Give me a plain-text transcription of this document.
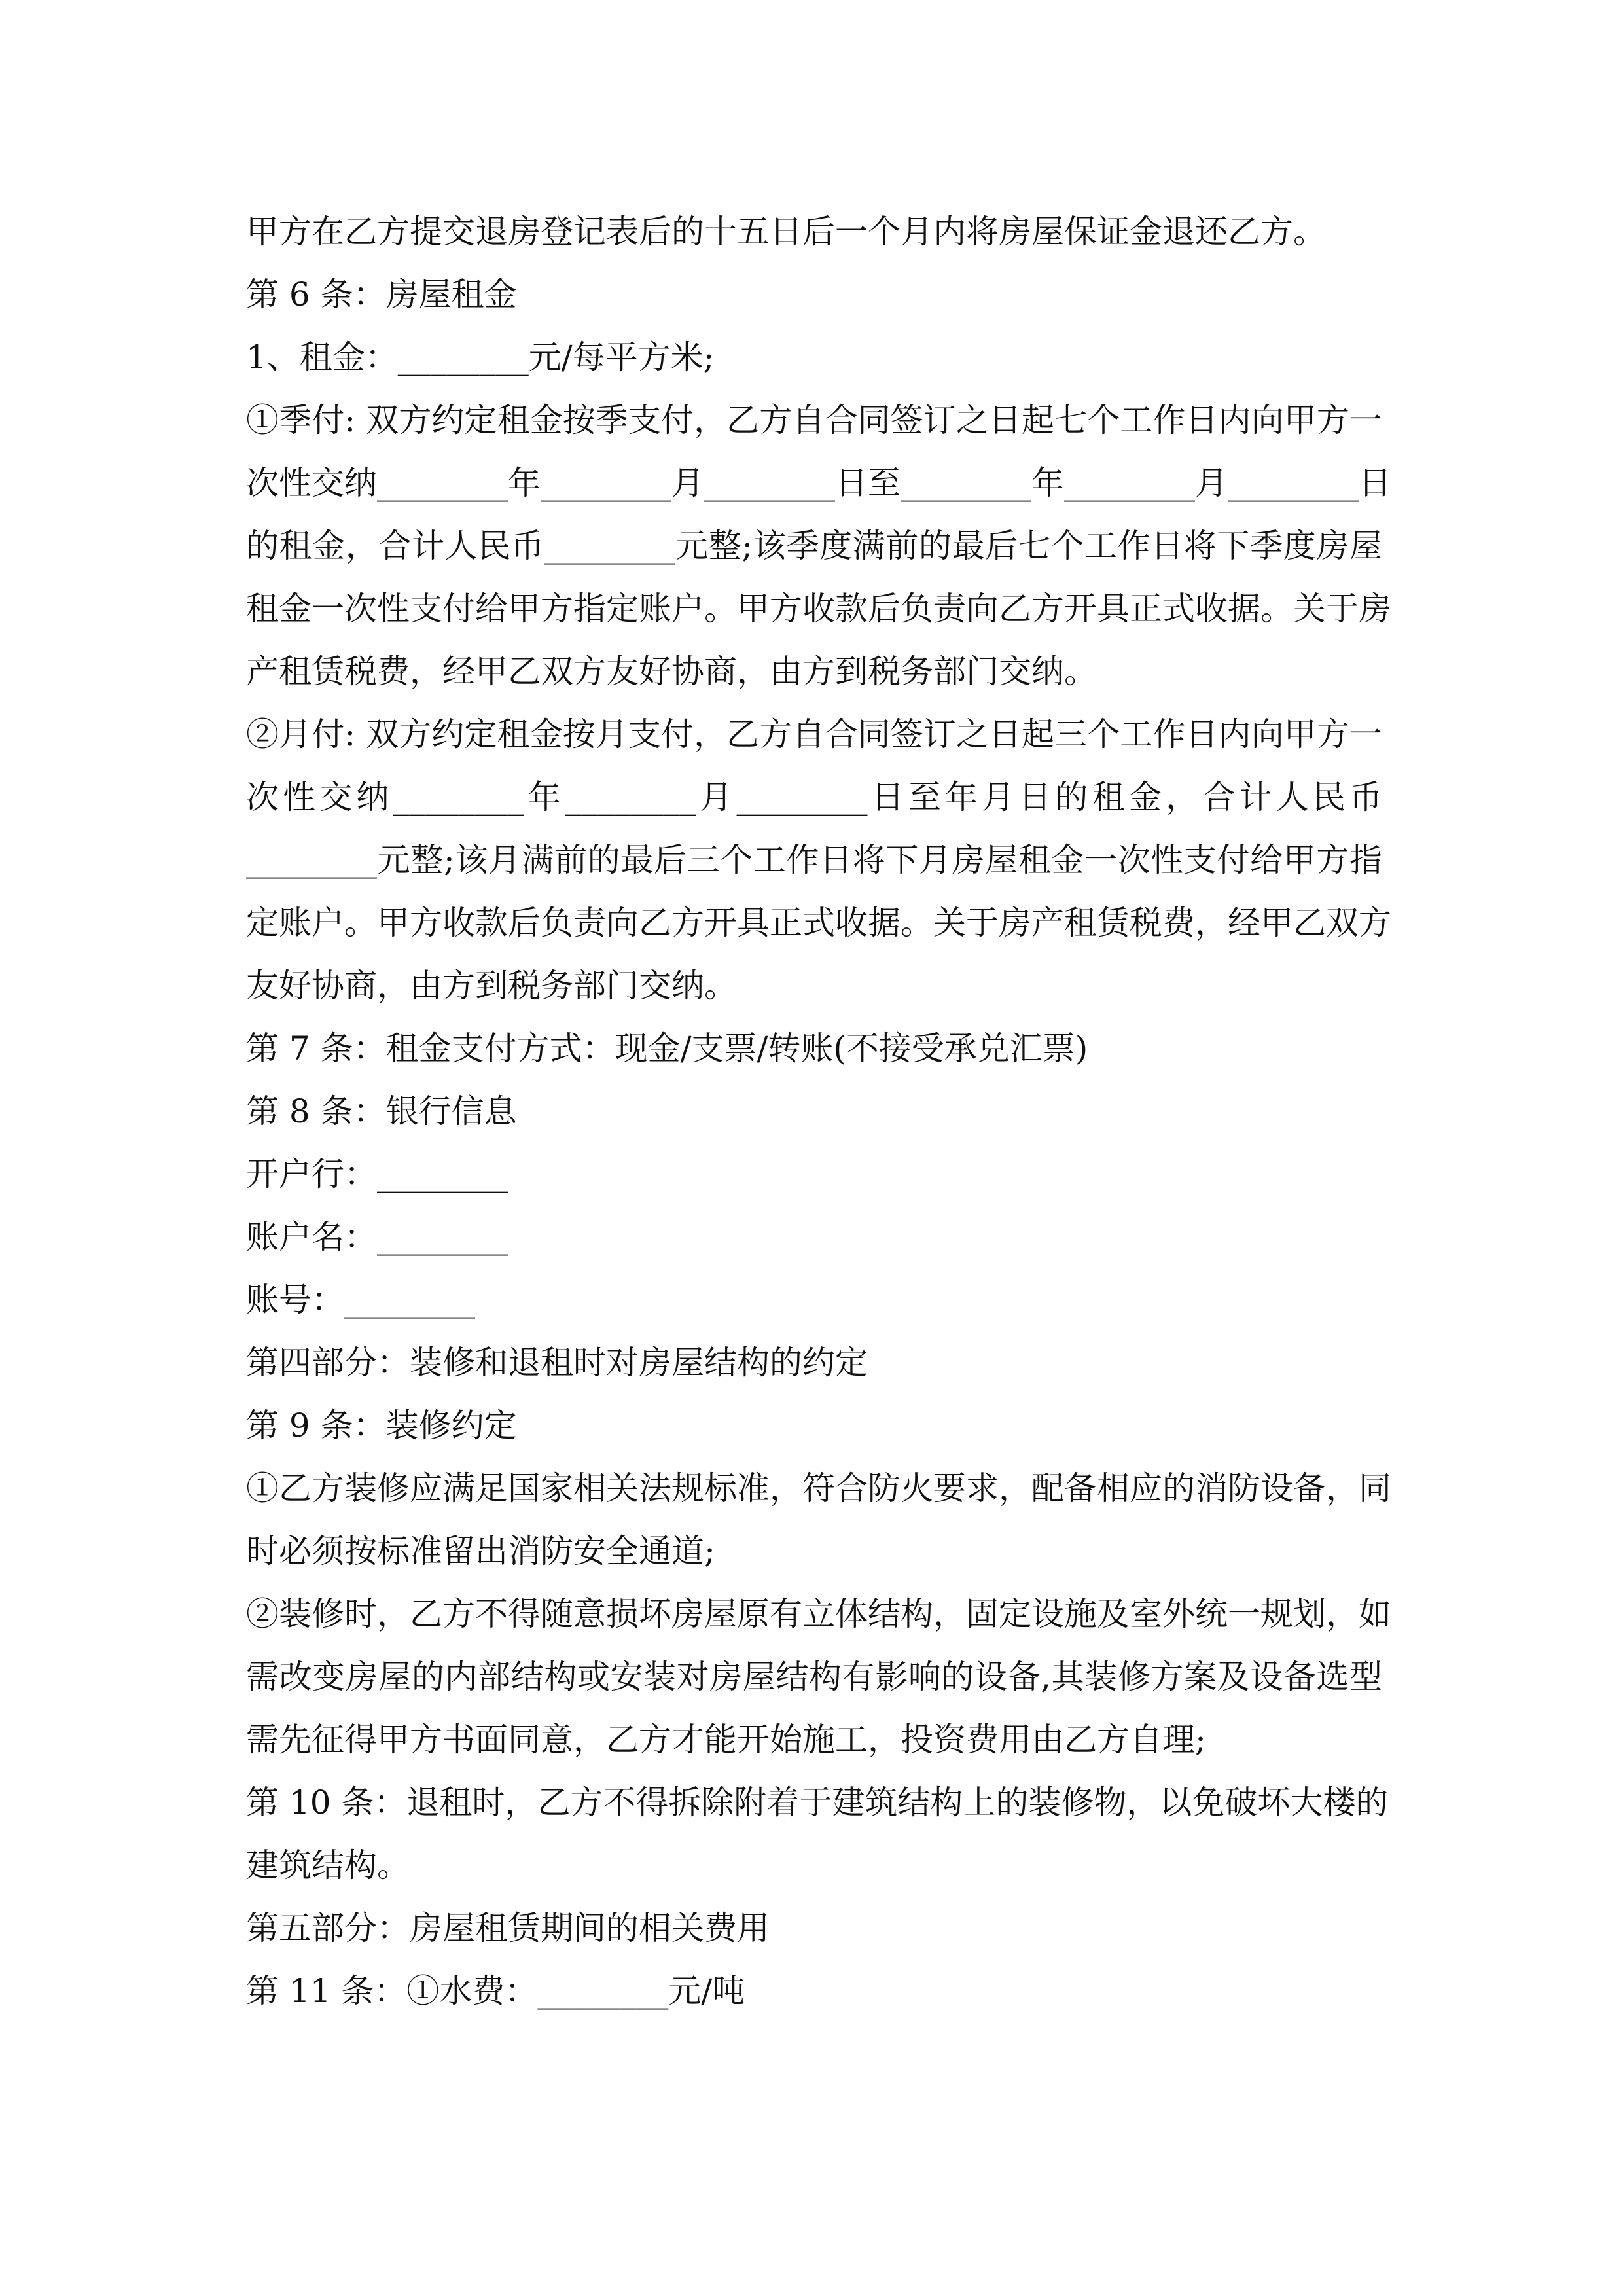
甲方在乙方提交退房登记表后的十五日后一个月内将房屋保证金退还乙方。
第 6 条：房屋租金
1、租金：________元/每平方米;
①季付: 双方约定租金按季支付，乙方自合同签订之日起七个工作日内向甲方一
次性交纳________年________月________日至________年________月________日
的租金，合计人民币________元整;该季度满前的最后七个工作日将下季度房屋
租金一次性支付给甲方指定账户。甲方收款后负责向乙方开具正式收据。关于房
产租赁税费，经甲乙双方友好协商，由方到税务部门交纳。
②月付: 双方约定租金按月支付，乙方自合同签订之日起三个工作日内向甲方一
次性交纳________年________月________日至年月日的租金，合计人民币
________元整;该月满前的最后三个工作日将下月房屋租金一次性支付给甲方指
定账户。甲方收款后负责向乙方开具正式收据。关于房产租赁税费，经甲乙双方
友好协商，由方到税务部门交纳。
第 7 条：租金支付方式：现金/支票/转账(不接受承兑汇票)
第 8 条：银行信息
开户行：________
账户名：________
账号：________
第四部分：装修和退租时对房屋结构的约定
第 9 条：装修约定
①乙方装修应满足国家相关法规标准，符合防火要求，配备相应的消防设备，同
时必须按标准留出消防安全通道;
②装修时，乙方不得随意损坏房屋原有立体结构，固定设施及室外统一规划，如
需改变房屋的内部结构或安装对房屋结构有影响的设备,其装修方案及设备选型
需先征得甲方书面同意，乙方才能开始施工，投资费用由乙方自理;
第 10 条：退租时，乙方不得拆除附着于建筑结构上的装修物，以免破坏大楼的
建筑结构。
第五部分：房屋租赁期间的相关费用
第 11 条：①水费：________元/吨
